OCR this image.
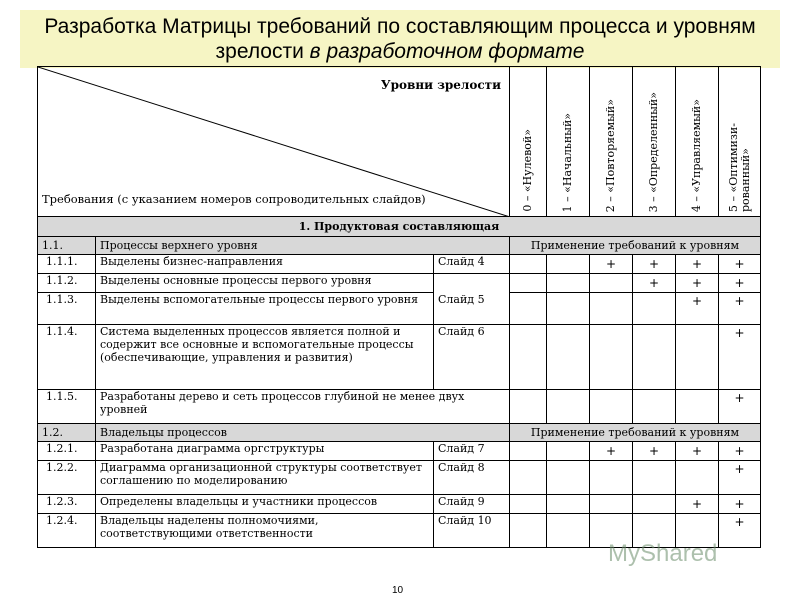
Разработка Матрицы требований по составляющим процесса и уровням
зрелости в разработочном формате
Уровни зрелости
Требования (с указанием номеров сопроводительных слайдов)			0 – «Нулевой»	1 – «Начальный»	2 – «Повторяемый»	3 – «Определенный»	4 – «Управляемый»	5 – «Оптимизи-рованный»

1. Продуктовая составляющая								
1.1.	Процессы верхнего уровня		Применение требований к уровням					
1.1.1.	Выделены бизнес-направления	Слайд 4			+	+	+	+
1.1.2.	Выделены основные процессы первого уровня	Слайд 5				+	+	+
1.1.3.	Выделены вспомогательные процессы первого уровня						+	+
1.1.4.	Система выделенных процессов является полной и содержит все основные и вспомогательные процессы (обеспечивающие, управления и развития)	Слайд 6						+
1.1.5.	Разработаны дерево и сеть процессов глубиной не менее двух уровней							+
1.2.	Владельцы процессов		Применение требований к уровням					
1.2.1.	Разработана диаграмма оргструктуры	Слайд 7			+	+	+	+
1.2.2.	Диаграмма организационной структуры соответствует соглашению по моделированию	Слайд 8						+
1.2.3.	Определены владельцы и участники процессов	Слайд 9					+	+
1.2.4.	Владельцы наделены полномочиями, соответствующими ответственности	Слайд 10						+
MyShared
10
